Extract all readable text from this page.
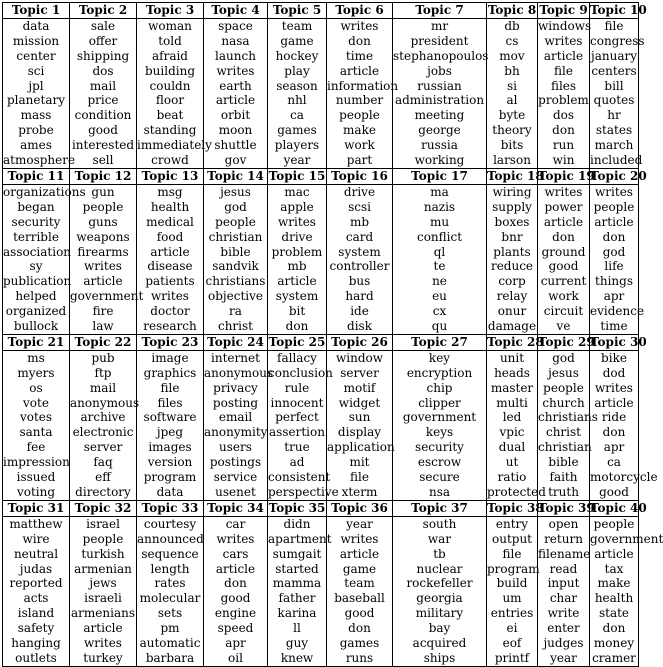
Topic 1	Topic 2	Topic 3	Topic 4	Topic 5	Topic 6	Topic 7	Topic 8	Topic 9	Topic 10
data	sale	woman	space	team	writes	mr	db	windows	file
mission	offer	told	nasa	game	don	president	cs	writes	congress
center	shipping	afraid	launch	hockey	time	stephanopoulos	mov	article	january
sci	dos	building	writes	play	article	jobs	bh	file	centers
jpl	mail	couldn	earth	season	information	russian	si	files	bill
planetary	price	floor	article	nhl	number	administration	al	problem	quotes
mass	condition	beat	orbit	ca	people	meeting	byte	dos	hr
probe	good	standing	moon	games	make	george	theory	don	states
ames	interested	immediately	shuttle	players	work	russia	bits	run	march
atmosphere	sell	crowd	gov	year	part	working	larson	win	included
Topic 11	Topic 12	Topic 13	Topic 14	Topic 15	Topic 16	Topic 17	Topic 18	Topic 19	Topic 20
organizations	gun	msg	jesus	mac	drive	ma	wiring	writes	writes
began	people	health	god	apple	scsi	nazis	supply	power	people
security	guns	medical	people	writes	mb	mu	boxes	article	article
terrible	weapons	food	christian	drive	card	conflict	bnr	don	don
association	firearms	article	bible	problem	system	ql	plants	ground	god
sy	writes	disease	sandvik	mb	controller	te	reduce	good	life
publication	article	patients	christians	article	bus	ne	corp	current	things
helped	government	writes	objective	system	hard	eu	relay	work	apr
organized	fire	doctor	ra	bit	ide	cx	onur	circuit	evidence
bullock	law	research	christ	don	disk	qu	damage	ve	time
Topic 21	Topic 22	Topic 23	Topic 24	Topic 25	Topic 26	Topic 27	Topic 28	Topic 29	Topic 30
ms	pub	image	internet	fallacy	window	key	unit	god	bike
myers	ftp	graphics	anonymous	conclusion	server	encryption	heads	jesus	dod
os	mail	file	privacy	rule	motif	chip	master	people	writes
vote	anonymous	files	posting	innocent	widget	clipper	multi	church	article
votes	archive	software	email	perfect	sun	government	led	christians	ride
santa	electronic	jpeg	anonymity	assertion	display	keys	vpic	christ	don
fee	server	images	users	true	application	security	dual	christian	apr
impression	faq	version	postings	ad	mit	escrow	ut	bible	ca
issued	eff	program	service	consistent	file	secure	ratio	faith	motorcycle
voting	directory	data	usenet	perspective	xterm	nsa	protected	truth	good
Topic 31	Topic 32	Topic 33	Topic 34	Topic 35	Topic 36	Topic 37	Topic 38	Topic 39	Topic 40
matthew	israel	courtesy	car	didn	year	south	entry	open	people
wire	people	announced	writes	apartment	writes	war	output	return	government
neutral	turkish	sequence	cars	sumgait	article	tb	file	filename	article
judas	armenian	length	article	started	game	nuclear	program	read	tax
reported	jews	rates	don	mamma	team	rockefeller	build	input	make
acts	israeli	molecular	good	father	baseball	georgia	um	char	health
island	armenians	sets	engine	karina	good	military	entries	write	state
safety	article	pm	speed	ll	don	bay	ei	enter	don
hanging	writes	automatic	apr	guy	games	acquired	eof	judges	money
outlets	turkey	barbara	oil	knew	runs	ships	printf	year	cramer
